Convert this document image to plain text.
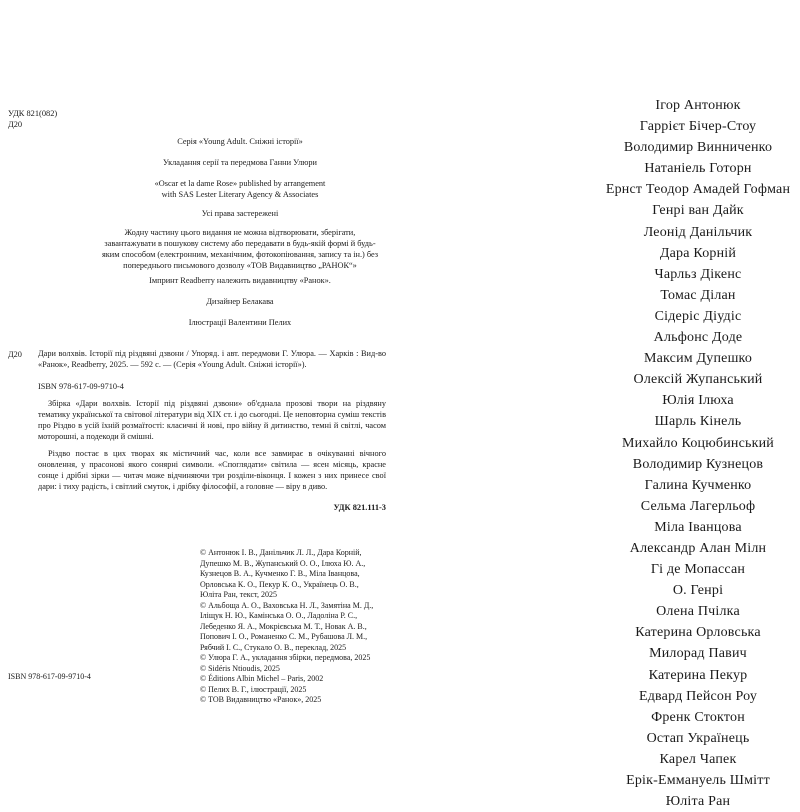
УДК 821(082)
Д20
Серія «Young Adult. Сніжні історії»
Укладання серії та передмова Ганни Улюри
«Oscar et la dame Rose» published by arrangement
with SAS Lester Literary Agency & Associates
Усі права застережені
Жодну частину цього видання не можна відтворювати, зберігати, завантажувати в пошукову систему або передавати в будь-якій формі й будь-яким способом (електронним, механічним, фотокопіювання, запису та ін.) без попереднього письмового дозволу «ТОВ Видавництво „РАНОК“»
Імпринт Readberry належить видавництву «Ранок».
Дизайнер Белакава
Ілюстрації Валентини Пелих
Д20 Дари волхвів. Історії під різдвяні дзвони / Упоряд. і авт. передмови Г. Улюра. — Харків : Вид-во «Ранок», Readberry, 2025. — 592 с. — (Серія «Young Adult. Сніжні історії»).
ISBN 978-617-09-9710-4
Збірка «Дари волхвів. Історії під різдвяні дзвони» об'єднала прозові твори на різдвяну тематику української та світової літератури від XIX ст. і до сьогодні. Це неповторна суміш текстів про Різдво в усій їхній розмаїтості: класичні й нові, про війну й дитинство, темні й світлі, часом моторошні, а подекоди й смішні.
Різдво постає в цих творах як містичний час, коли все завмирає в очікуванні вічного оновлення, у прасонові якого сонярні символи. «Споглядати» світила — ясен місяць, красне сонце і дрібні зірки — читач може відчиняючи три розділи-віконця. І кожен з них принесе свої дари: і тиху радість, і світлий смуток, і дрібку філософії, а головне — віру в диво.
УДК 821.111-3
© Антонюк І. В., Данільчик Л. Л., Дара Корній,
Дупешко М. В., Жупанський О. О., Ілюха Ю. А.,
Кузнецов В. А., Кучменко Г. В., Міла Іванцова,
Орловська К. О., Пекур К. О., Українець О. В.,
Юліта Ран, текст, 2025
© Альбоща А. О., Ваховська Н. Л., Замятіна М. Д.,
Іліщук Н. Ю., Камінська О. О., Ладоліна Р. С.,
Лебеденко Я. А., Мокрієвська М. Т., Новак А. В.,
Попович І. О., Романенко С. М., Рубашова Л. М.,
Рябчий І. С., Стукало О. В., переклад, 2025
© Улюра Г. А., укладання збірки, передмова, 2025
© Sidéris Ntioudis, 2025
© Éditions Albin Michel – Paris, 2002
© Пелих В. Г., ілюстрації, 2025
© ТОВ Видавництво «Ранок», 2025
ISBN 978-617-09-9710-4
Ігор Антонюк
Гаррієт Бічер-Стоу
Володимир Винниченко
Натаніель Готорн
Ернст Теодор Амадей Гофман
Генрі ван Дайк
Леонід Данільчик
Дара Корній
Чарльз Дікенс
Томас Ділан
Сідеріс Діудіс
Альфонс Доде
Максим Дупешко
Олексій Жупанський
Юлія Ілюха
Шарль Кінель
Михайло Коцюбинський
Володимир Кузнецов
Галина Кучменко
Сельма Лагерльоф
Міла Іванцова
Александр Алан Мілн
Гі де Мопассан
О. Генрі
Олена Пчілка
Катерина Орловська
Милорад Павич
Катерина Пекур
Едвард Пейсон Роу
Френк Стоктон
Остап Українець
Карел Чапек
Ерік-Еммануель Шмітт
Юліта Ран
